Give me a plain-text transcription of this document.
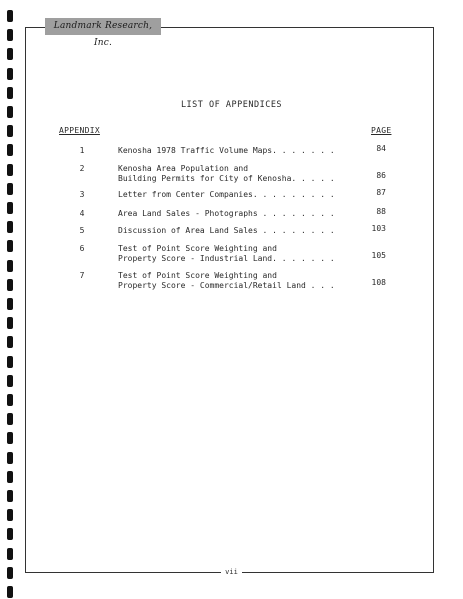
Landmark Research, Inc.
LIST OF APPENDICES
APPENDIX	PAGE
1	Kenosha 1978 Traffic Volume Maps. . . . . . .	84
2	Kenosha Area Population and
Building Permits for City of Kenosha. . . . .	86
3	Letter from Center Companies. . . . . . . . .	87
4	Area Land Sales - Photographs . . . . . . . .	88
5	Discussion of Area Land Sales . . . . . . . .	103
6	Test of Point Score Weighting and
Property Score - Industrial Land. . . . . . .	105
7	Test of Point Score Weighting and
Property Score - Commercial/Retail Land . . .	108
vii
